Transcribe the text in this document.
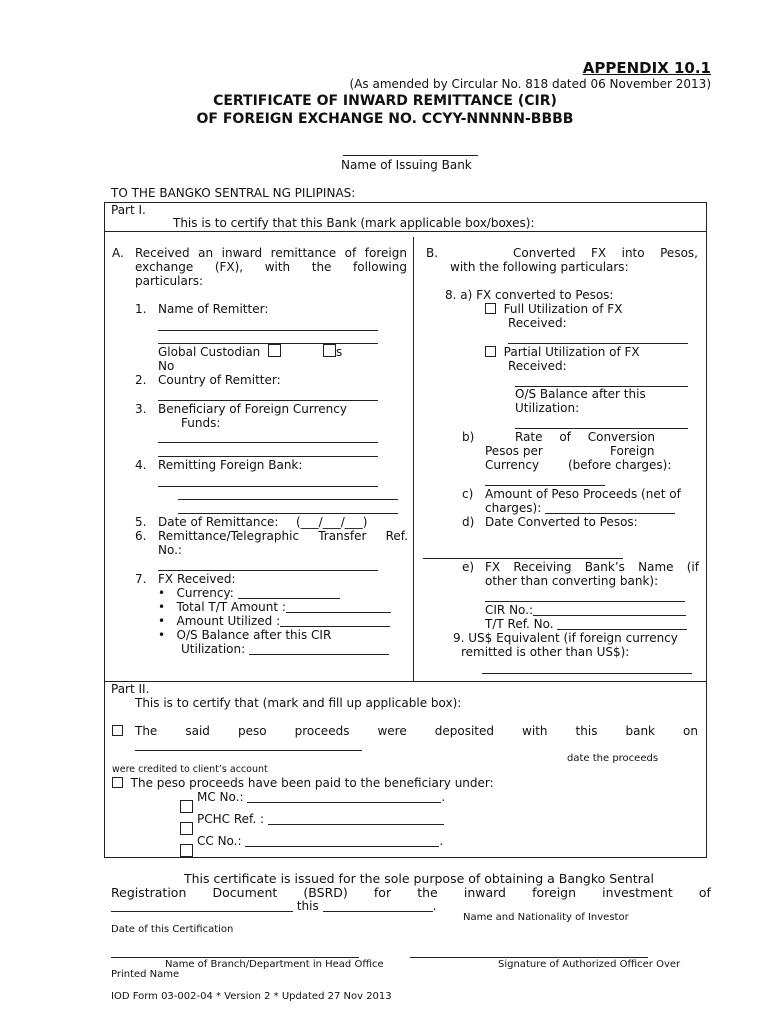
APPENDIX 10.1
(As amended by Circular No. 818 dated 06 November 2013)
CERTIFICATE OF INWARD REMITTANCE (CIR)
OF FOREIGN EXCHANGE NO. CCYY-NNNNN-BBBB
Name of Issuing Bank
TO THE BANGKO SENTRAL NG PILIPINAS:
Part I.
This is to certify that this Bank (mark applicable box/boxes):
A. Received an inward remittance of foreign
exchange (FX), with the following
particulars:
1. Name of Remitter:
Global Custodian	s
No
2. Country of Remitter:
3. Beneficiary of Foreign Currency
Funds:
4. Remitting Foreign Bank:
5. Date of Remittance: (___/___/___)
6. Remittance/Telegraphic Transfer Ref.
No.:
7. FX Received:
•   Currency:
•   Total T/T Amount :
•   Amount Utilized :
•   O/S Balance after this CIR
Utilization:
B.	Converted FX into Pesos,
with the following particulars:
8. a) FX converted to Pesos:
Full Utilization of FX
Received:
Partial Utilization of FX
Received:
O/S Balance after this
Utilization:
b)	Rate of Conversion
Pesos per	Foreign
Currency (before charges):
c) Amount of Peso Proceeds (net of
charges):
d) Date Converted to Pesos:
e) FX Receiving Bank’s Name (if
other than converting bank):
CIR No.:
T/T Ref. No.
9. US$ Equivalent (if foreign currency
remitted is other than US$):
Part II.
This is to certify that (mark and fill up applicable box):
The said peso proceeds were deposited with this bank on
date the proceeds
were credited to client’s account
The peso proceeds have been paid to the beneficiary under:
MC No.:	.
PCHC Ref. :
CC No.:	.
This certificate is issued for the sole purpose of obtaining a Bangko Sentral
Registration Document (BSRD) for the inward foreign investment of
this	.
Name and Nationality of Investor
Date of this Certification
Name of Branch/Department in Head Office	Signature of Authorized Officer Over
Printed Name
IOD Form 03-002-04 * Version 2 * Updated 27 Nov 2013
